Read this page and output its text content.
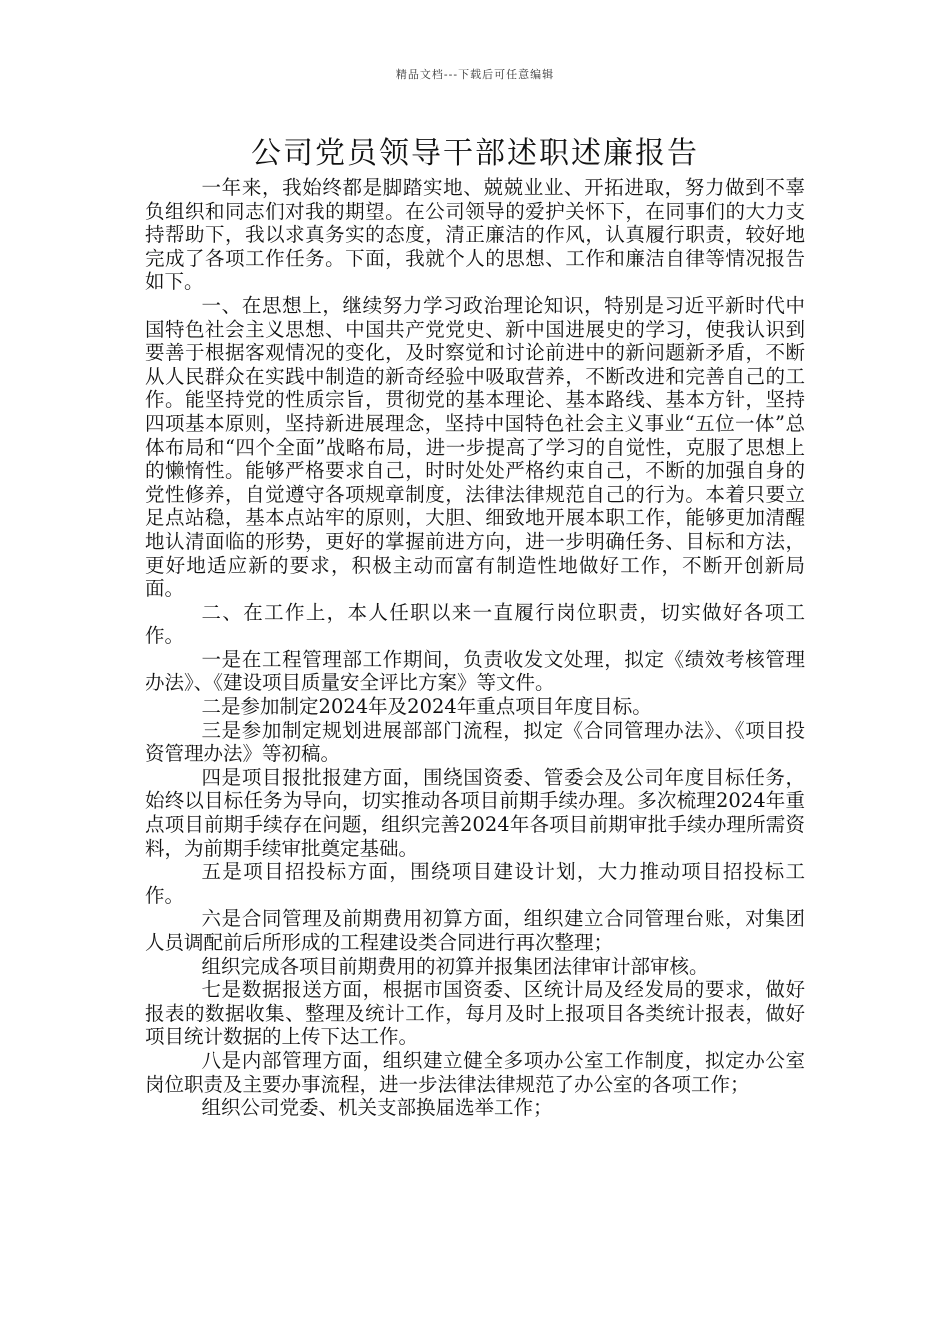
精品文档---下载后可任意编辑
公司党员领导干部述职述廉报告

一年来，我始终都是脚踏实地、兢兢业业、开拓进取，努力做到不辜负组织和同志们对我的期望。在公司领导的爱护关怀下，在同事们的大力支持帮助下，我以求真务实的态度，清正廉洁的作风，认真履行职责，较好地完成了各项工作任务。下面，我就个人的思想、工作和廉洁自律等情况报告如下。

一、在思想上，继续努力学习政治理论知识，特别是习近平新时代中国特色社会主义思想、中国共产党党史、新中国进展史的学习，使我认识到要善于根据客观情况的变化，及时察觉和讨论前进中的新问题新矛盾，不断从人民群众在实践中制造的新奇经验中吸取营养，不断改进和完善自己的工作。能坚持党的性质宗旨，贯彻党的基本理论、基本路线、基本方针，坚持四项基本原则，坚持新进展理念，坚持中国特色社会主义事业“五位一体”总体布局和“四个全面”战略布局，进一步提高了学习的自觉性，克服了思想上的懒惰性。能够严格要求自己，时时处处严格约束自己，不断的加强自身的党性修养，自觉遵守各项规章制度，法律法律规范自己的行为。本着只要立足点站稳，基本点站牢的原则，大胆、细致地开展本职工作，能够更加清醒地认清面临的形势，更好的掌握前进方向，进一步明确任务、目标和方法，更好地适应新的要求，积极主动而富有制造性地做好工作，不断开创新局面。

二、在工作上，本人任职以来一直履行岗位职责，切实做好各项工作。

一是在工程管理部工作期间，负责收发文处理，拟定《绩效考核管理办法》、《建设项目质量安全评比方案》等文件。

二是参加制定2024年及2024年重点项目年度目标。

三是参加制定规划进展部部门流程，拟定《合同管理办法》、《项目投资管理办法》等初稿。

四是项目报批报建方面，围绕国资委、管委会及公司年度目标任务，始终以目标任务为导向，切实推动各项目前期手续办理。多次梳理2024年重点项目前期手续存在问题，组织完善2024年各项目前期审批手续办理所需资料，为前期手续审批奠定基础。

五是项目招投标方面，围绕项目建设计划，大力推动项目招投标工作。

六是合同管理及前期费用初算方面，组织建立合同管理台账，对集团人员调配前后所形成的工程建设类合同进行再次整理；

组织完成各项目前期费用的初算并报集团法律审计部审核。

七是数据报送方面，根据市国资委、区统计局及经发局的要求，做好报表的数据收集、整理及统计工作，每月及时上报项目各类统计报表，做好项目统计数据的上传下达工作。

八是内部管理方面，组织建立健全多项办公室工作制度，拟定办公室岗位职责及主要办事流程，进一步法律法律规范了办公室的各项工作；

组织公司党委、机关支部换届选举工作；
